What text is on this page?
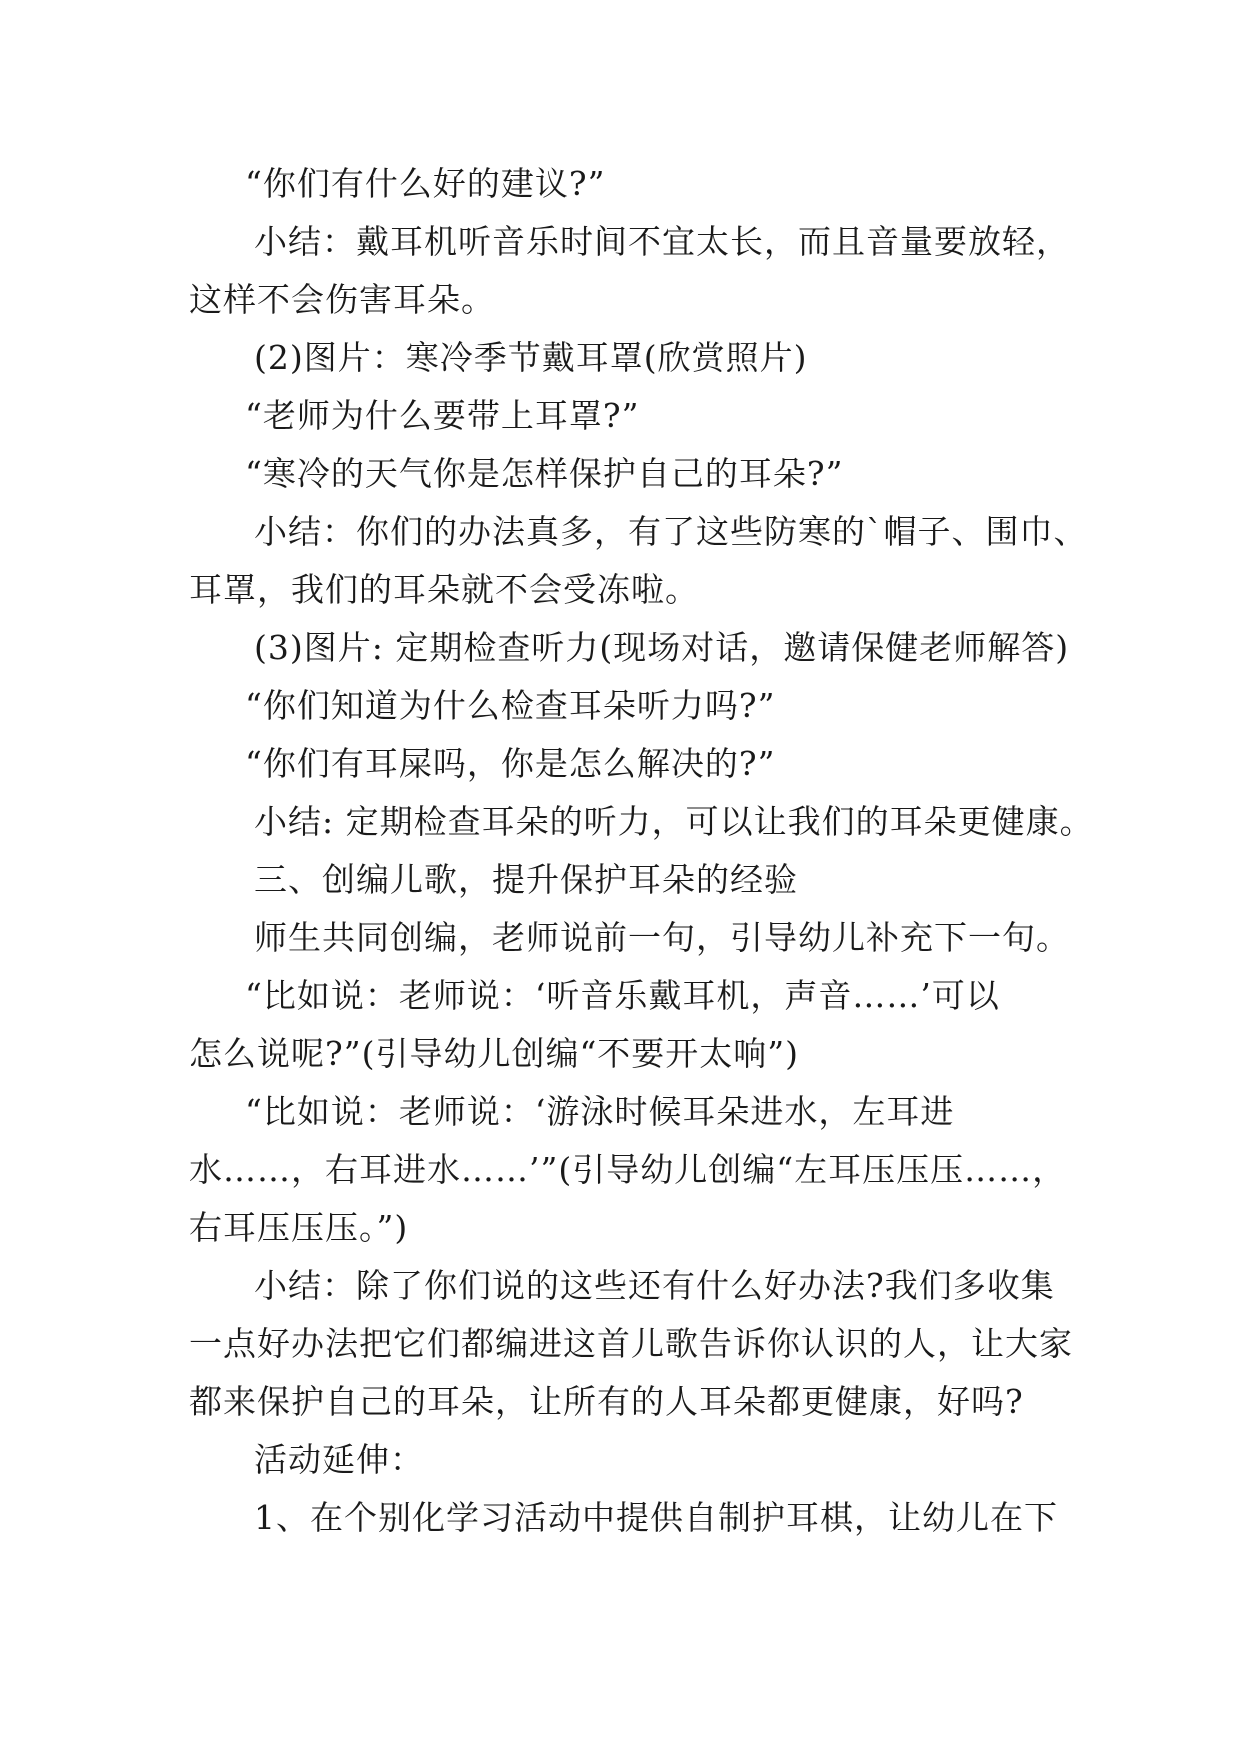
“你们有什么好的建议?”
小结：戴耳机听音乐时间不宜太长，而且音量要放轻，
这样不会伤害耳朵。
(2)图片：寒冷季节戴耳罩(欣赏照片)
“老师为什么要带上耳罩?”
“寒冷的天气你是怎样保护自己的耳朵?”
小结：你们的办法真多，有了这些防寒的`帽子、围巾、
耳罩，我们的耳朵就不会受冻啦。
(3)图片: 定期检查听力(现场对话，邀请保健老师解答)
“你们知道为什么检查耳朵听力吗?”
“你们有耳屎吗，你是怎么解决的?”
小结: 定期检查耳朵的听力，可以让我们的耳朵更健康。
三、创编儿歌，提升保护耳朵的经验
师生共同创编，老师说前一句，引导幼儿补充下一句。
“比如说：老师说：‘听音乐戴耳机，声音……’可以
怎么说呢?”(引导幼儿创编“不要开太响”)
“比如说：老师说：‘游泳时候耳朵进水，左耳进
水……，右耳进水……’”(引导幼儿创编“左耳压压压……，
右耳压压压。”)
小结：除了你们说的这些还有什么好办法?我们多收集
一点好办法把它们都编进这首儿歌告诉你认识的人，让大家
都来保护自己的耳朵，让所有的人耳朵都更健康，好吗?
活动延伸：
1、在个别化学习活动中提供自制护耳棋，让幼儿在下
